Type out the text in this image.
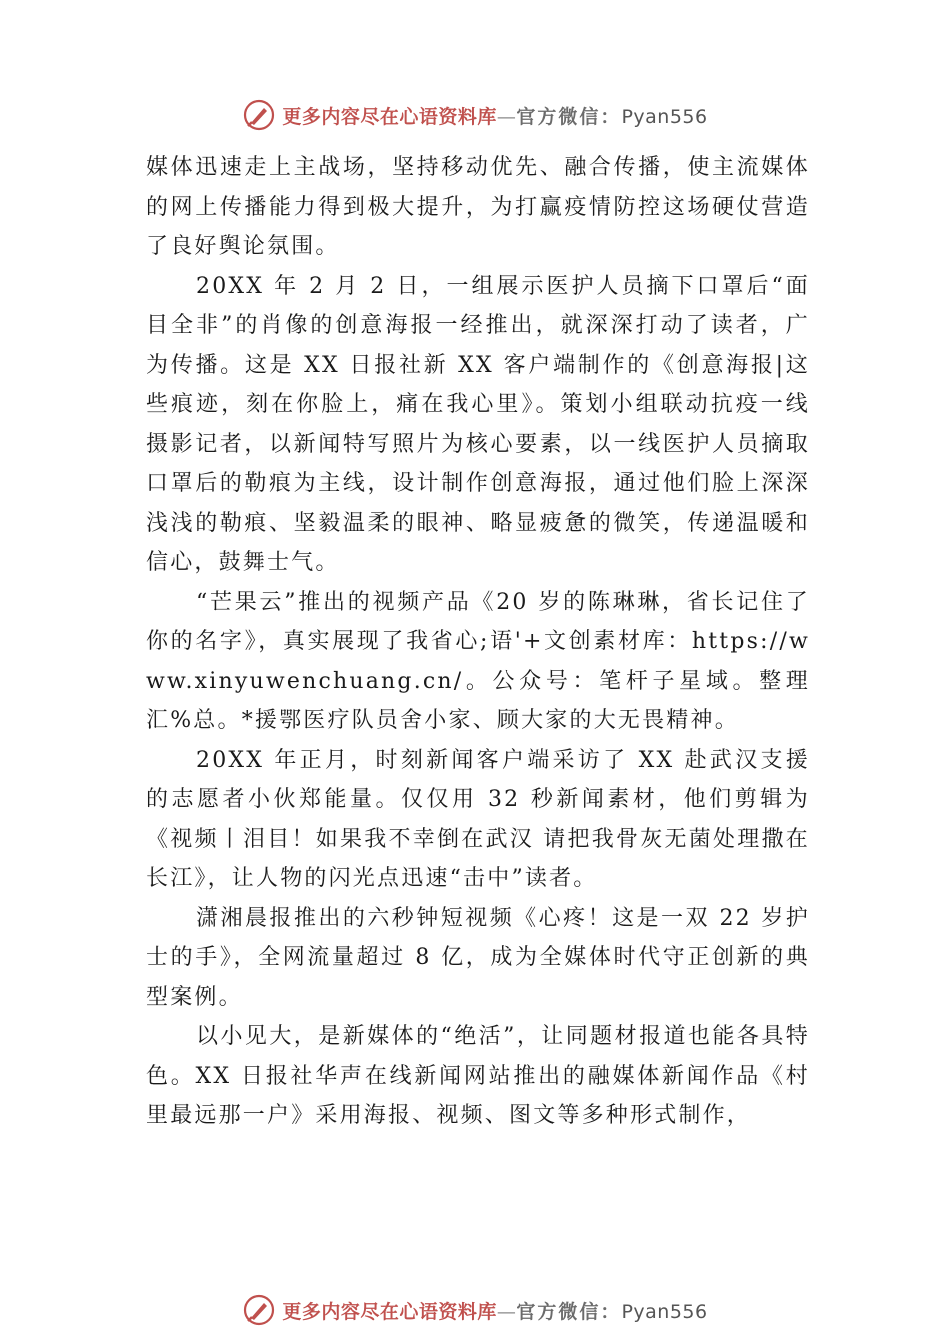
更多内容尽在心语资料库—官方微信：Pyan556

媒体迅速走上主战场，坚持移动优先、融合传播，使主流媒体的网上传播能力得到极大提升，为打赢疫情防控这场硬仗营造了良好舆论氛围。

20XX 年 2 月 2 日，一组展示医护人员摘下口罩后“面目全非”的肖像的创意海报一经推出，就深深打动了读者，广为传播。这是 XX 日报社新 XX 客户端制作的《创意海报|这些痕迹，刻在你脸上，痛在我心里》。策划小组联动抗疫一线摄影记者，以新闻特写照片为核心要素，以一线医护人员摘取口罩后的勒痕为主线，设计制作创意海报，通过他们脸上深深浅浅的勒痕、坚毅温柔的眼神、略显疲惫的微笑，传递温暖和信心，鼓舞士气。

“芒果云”推出的视频产品《20 岁的陈琳琳，省长记住了你的名字》，真实展现了我省心;语'+文创素材库：https://www.xinyuwenchuang.cn/。公众号：笔杆子星域。整理汇%总。*援鄂医疗队员舍小家、顾大家的大无畏精神。

20XX 年正月，时刻新闻客户端采访了 XX 赴武汉支援的志愿者小伙郑能量。仅仅用 32 秒新闻素材，他们剪辑为《视频丨泪目！如果我不幸倒在武汉 请把我骨灰无菌处理撒在长江》，让人物的闪光点迅速“击中”读者。

潇湘晨报推出的六秒钟短视频《心疼！这是一双 22 岁护士的手》，全网流量超过 8 亿，成为全媒体时代守正创新的典型案例。

以小见大，是新媒体的“绝活”，让同题材报道也能各具特色。XX 日报社华声在线新闻网站推出的融媒体新闻作品《村里最远那一户》采用海报、视频、图文等多种形式制作，

更多内容尽在心语资料库—官方微信：Pyan556
